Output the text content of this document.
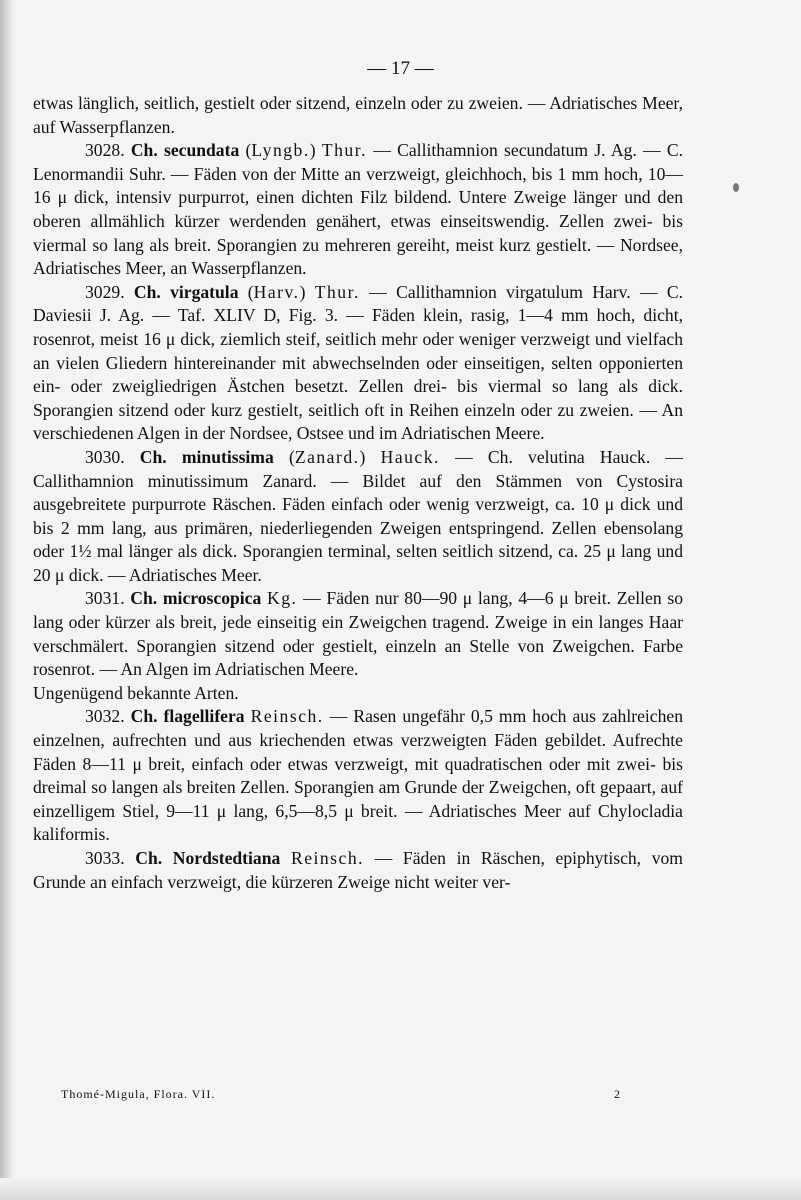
— 17 —

etwas länglich, seitlich, gestielt oder sitzend, einzeln oder zu zweien. — Adriatisches Meer, auf Wasserpflanzen.

3028. Ch. secundata (Lyngb.) Thur. — Callithamnion secundatum J. Ag. — C. Lenormandii Suhr. — Fäden von der Mitte an verzweigt, gleichhoch, bis 1 mm hoch, 10—16 μ dick, intensiv purpurrot, einen dichten Filz bildend. Untere Zweige länger und den oberen allmählich kürzer werdenden genähert, etwas einseitswendig. Zellen zwei- bis viermal so lang als breit. Sporangien zu mehreren gereiht, meist kurz gestielt. — Nordsee, Adriatisches Meer, an Wasserpflanzen.

3029. Ch. virgatula (Harv.) Thur. — Callithamnion virgatulum Harv. — C. Daviesii J. Ag. — Taf. XLIV D, Fig. 3. — Fäden klein, rasig, 1—4 mm hoch, dicht, rosenrot, meist 16 μ dick, ziemlich steif, seitlich mehr oder weniger verzweigt und vielfach an vielen Gliedern hintereinander mit abwechselnden oder einseitigen, selten opponierten ein- oder zweigliedrigen Ästchen besetzt. Zellen drei- bis viermal so lang als dick. Sporangien sitzend oder kurz gestielt, seitlich oft in Reihen einzeln oder zu zweien. — An verschiedenen Algen in der Nordsee, Ostsee und im Adriatischen Meere.

3030. Ch. minutissima (Zanard.) Hauck. — Ch. velutina Hauck. — Callithamnion minutissimum Zanard. — Bildet auf den Stämmen von Cystosira ausgebreitete purpurrote Räschen. Fäden einfach oder wenig verzweigt, ca. 10 μ dick und bis 2 mm lang, aus primären, niederliegenden Zweigen entspringend. Zellen ebensolang oder 1½ mal länger als dick. Sporangien terminal, selten seitlich sitzend, ca. 25 μ lang und 20 μ dick. — Adriatisches Meer.

3031. Ch. microscopica Kg. — Fäden nur 80—90 μ lang, 4—6 μ breit. Zellen so lang oder kürzer als breit, jede einseitig ein Zweigchen tragend. Zweige in ein langes Haar verschmälert. Sporangien sitzend oder gestielt, einzeln an Stelle von Zweigchen. Farbe rosenrot. — An Algen im Adriatischen Meere.

Ungenügend bekannte Arten.

3032. Ch. flagellifera Reinsch. — Rasen ungefähr 0,5 mm hoch aus zahlreichen einzelnen, aufrechten und aus kriechenden etwas verzweigten Fäden gebildet. Aufrechte Fäden 8—11 μ breit, einfach oder etwas verzweigt, mit quadratischen oder mit zwei- bis dreimal so langen als breiten Zellen. Sporangien am Grunde der Zweigchen, oft gepaart, auf einzelligem Stiel, 9—11 μ lang, 6,5—8,5 μ breit. — Adriatisches Meer auf Chylocladia kaliformis.

3033. Ch. Nordstedtiana Reinsch. — Fäden in Räschen, epiphytisch, vom Grunde an einfach verzweigt, die kürzeren Zweige nicht weiter ver-

Thomé-Migula, Flora. VII.	2
